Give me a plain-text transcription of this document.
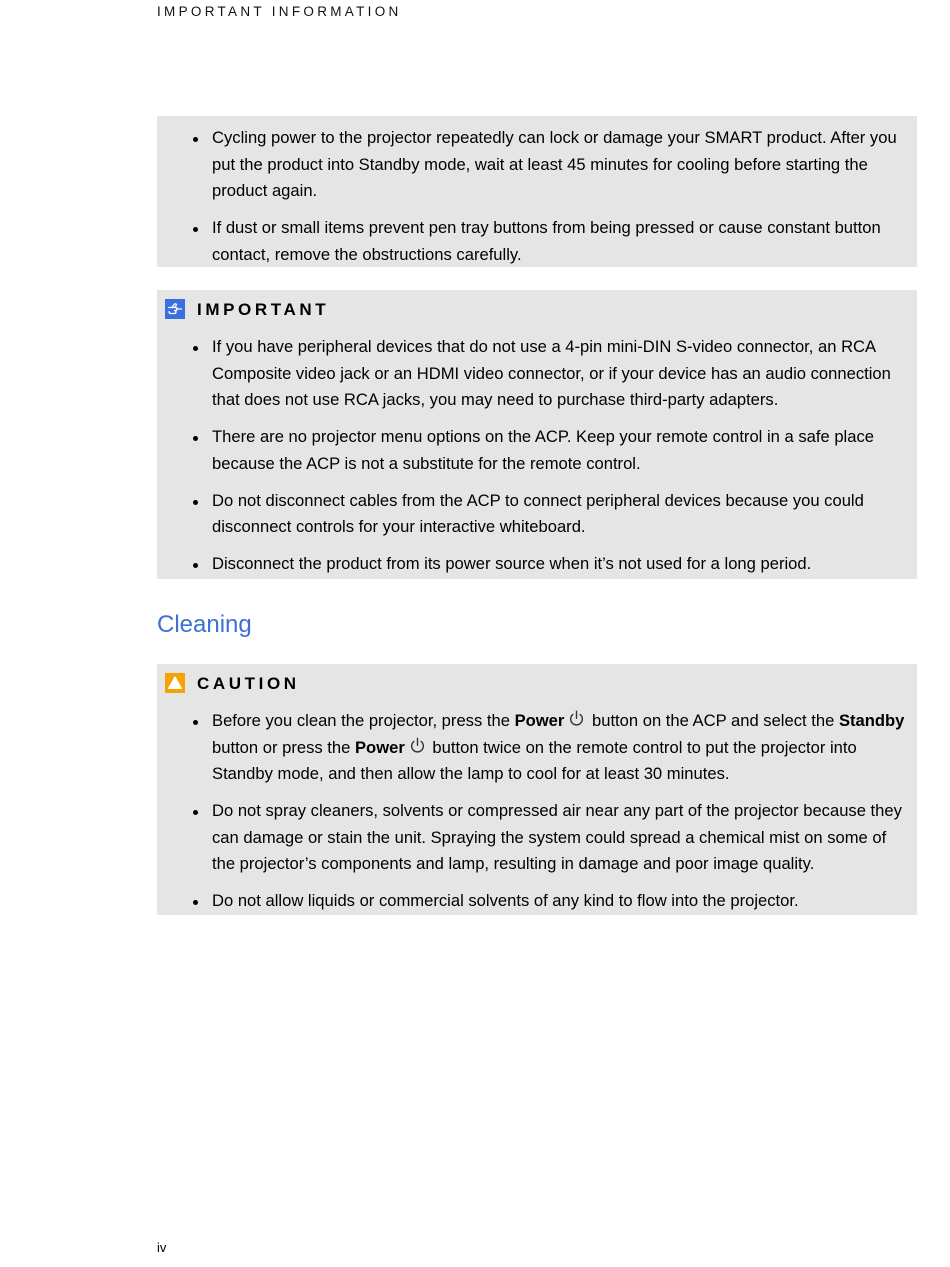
IMPORTANT INFORMATION
Cycling power to the projector repeatedly can lock or damage your SMART product. After you put the product into Standby mode, wait at least 45 minutes for cooling before starting the product again.
If dust or small items prevent pen tray buttons from being pressed or cause constant button contact, remove the obstructions carefully.
IMPORTANT
If you have peripheral devices that do not use a 4-pin mini-DIN S-video connector, an RCA Composite video jack or an HDMI video connector, or if your device has an audio connection that does not use RCA jacks, you may need to purchase third-party adapters.
There are no projector menu options on the ACP. Keep your remote control in a safe place because the ACP is not a substitute for the remote control.
Do not disconnect cables from the ACP to connect peripheral devices because you could disconnect controls for your interactive whiteboard.
Disconnect the product from its power source when it’s not used for a long period.
Cleaning
CAUTION
Before you clean the projector, press the Power button on the ACP and select the Standby button or press the Power button twice on the remote control to put the projector into Standby mode, and then allow the lamp to cool for at least 30 minutes.
Do not spray cleaners, solvents or compressed air near any part of the projector because they can damage or stain the unit. Spraying the system could spread a chemical mist on some of the projector’s components and lamp, resulting in damage and poor image quality.
Do not allow liquids or commercial solvents of any kind to flow into the projector.
iv
